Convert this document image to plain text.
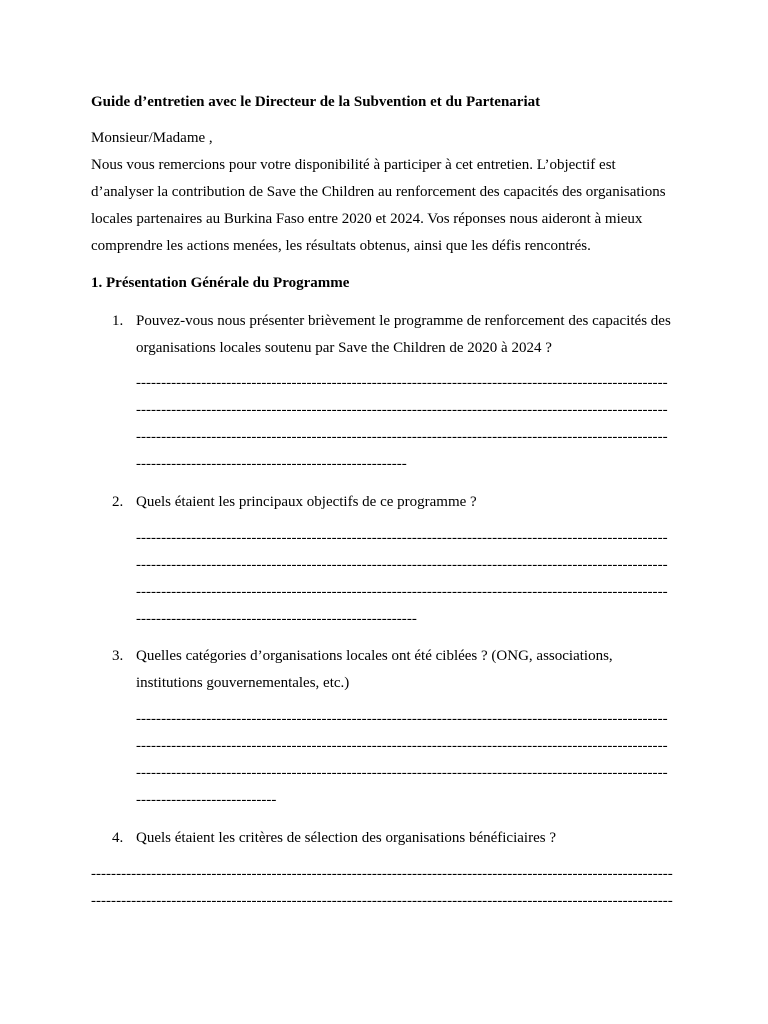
Guide d’entretien avec le Directeur de la Subvention et du Partenariat
Monsieur/Madame ,
Nous vous remercions pour votre disponibilité à participer à cet entretien. L’objectif est
d’analyser la contribution de Save the Children au renforcement des capacités des organisations
locales partenaires au Burkina Faso entre 2020 et 2024. Vos réponses nous aideront à mieux
comprendre les actions menées, les résultats obtenus, ainsi que les défis rencontrés.
1. Présentation Générale du Programme
1. Pouvez-vous nous présenter brièvement le programme de renforcement des capacités des
organisations locales soutenu par Save the Children de 2020 à 2024 ?
----------------------------------------------------------------------------------------------------------
----------------------------------------------------------------------------------------------------------
----------------------------------------------------------------------------------------------------------
------------------------------------------------------
2. Quels étaient les principaux objectifs de ce programme ?
----------------------------------------------------------------------------------------------------------
----------------------------------------------------------------------------------------------------------
----------------------------------------------------------------------------------------------------------
--------------------------------------------------------
3. Quelles catégories d’organisations locales ont été ciblées ? (ONG, associations,
institutions gouvernementales, etc.)
----------------------------------------------------------------------------------------------------------
----------------------------------------------------------------------------------------------------------
----------------------------------------------------------------------------------------------------------
----------------------------
4. Quels étaient les critères de sélection des organisations bénéficiaires ?
--------------------------------------------------------------------------------------------------------------------
--------------------------------------------------------------------------------------------------------------------
